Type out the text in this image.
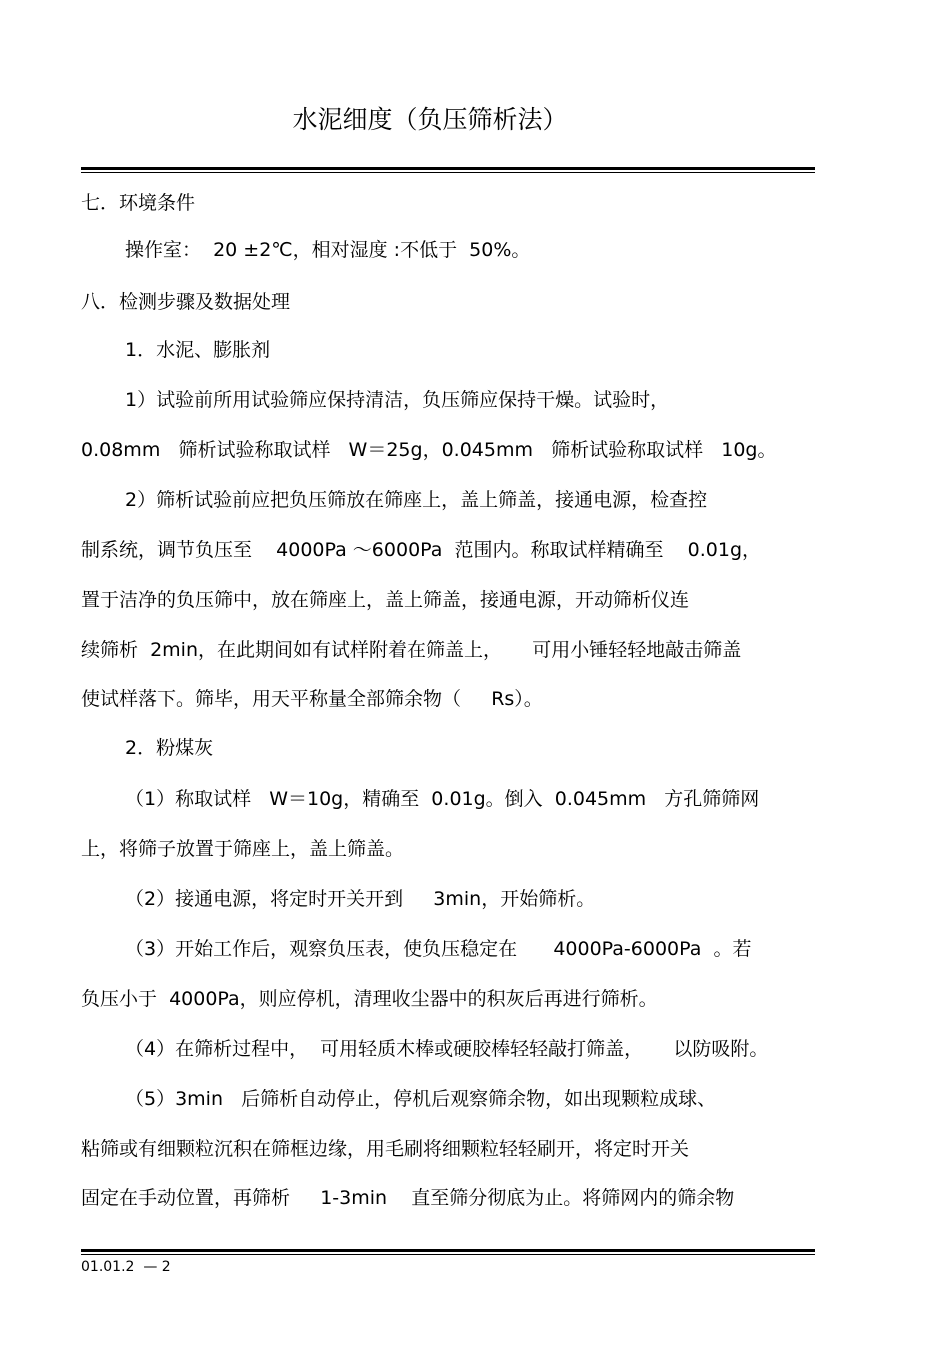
水泥细度（负压筛析法）
七．环境条件
操作室：  20 ±2℃，相对湿度 :不低于  50%。
八．检测步骤及数据处理
1．水泥、膨胀剂
1）试验前所用试验筛应保持清洁，负压筛应保持干燥。试验时，
0.08mm   筛析试验称取试样   W＝25g，0.045mm   筛析试验称取试样   10g。
2）筛析试验前应把负压筛放在筛座上，盖上筛盖，接通电源，检查控
制系统，调节负压至    4000Pa ～6000Pa  范围内。称取试样精确至    0.01g，
置于洁净的负压筛中，放在筛座上，盖上筛盖，接通电源，开动筛析仪连
续筛析  2min，在此期间如有试样附着在筛盖上，     可用小锤轻轻地敲击筛盖
使试样落下。筛毕，用天平称量全部筛余物（     Rs）。
2．粉煤灰
（1）称取试样   W＝10g，精确至  0.01g。倒入  0.045mm   方孔筛筛网
上，将筛子放置于筛座上，盖上筛盖。
（2）接通电源，将定时开关开到     3min，开始筛析。
（3）开始工作后，观察负压表，使负压稳定在      4000Pa-6000Pa  。若
负压小于  4000Pa，则应停机，清理收尘器中的积灰后再进行筛析。
（4）在筛析过程中，  可用轻质木棒或硬胶棒轻轻敲打筛盖，     以防吸附。
（5）3min   后筛析自动停止，停机后观察筛余物，如出现颗粒成球、
粘筛或有细颗粒沉积在筛框边缘，用毛刷将细颗粒轻轻刷开，将定时开关
固定在手动位置，再筛析     1-3min    直至筛分彻底为止。将筛网内的筛余物
01.01.2  — 2
